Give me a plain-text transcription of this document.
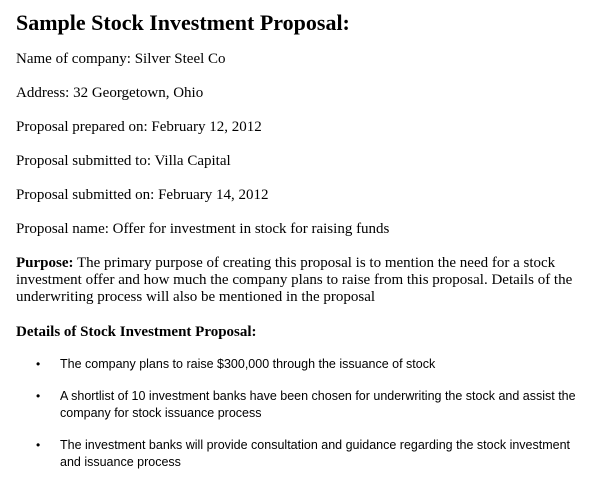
Sample Stock Investment Proposal:

Name of company: Silver Steel Co

Address: 32 Georgetown, Ohio

Proposal prepared on: February 12, 2012

Proposal submitted to: Villa Capital

Proposal submitted on: February 14, 2012

Proposal name: Offer for investment in stock for raising funds

Purpose: The primary purpose of creating this proposal is to mention the need for a stock investment offer and how much the company plans to raise from this proposal. Details of the underwriting process will also be mentioned in the proposal

Details of Stock Investment Proposal:

• The company plans to raise $300,000 through the issuance of stock
• A shortlist of 10 investment banks have been chosen for underwriting the stock and assist the company for stock issuance process
• The investment banks will provide consultation and guidance regarding the stock investment and issuance process
